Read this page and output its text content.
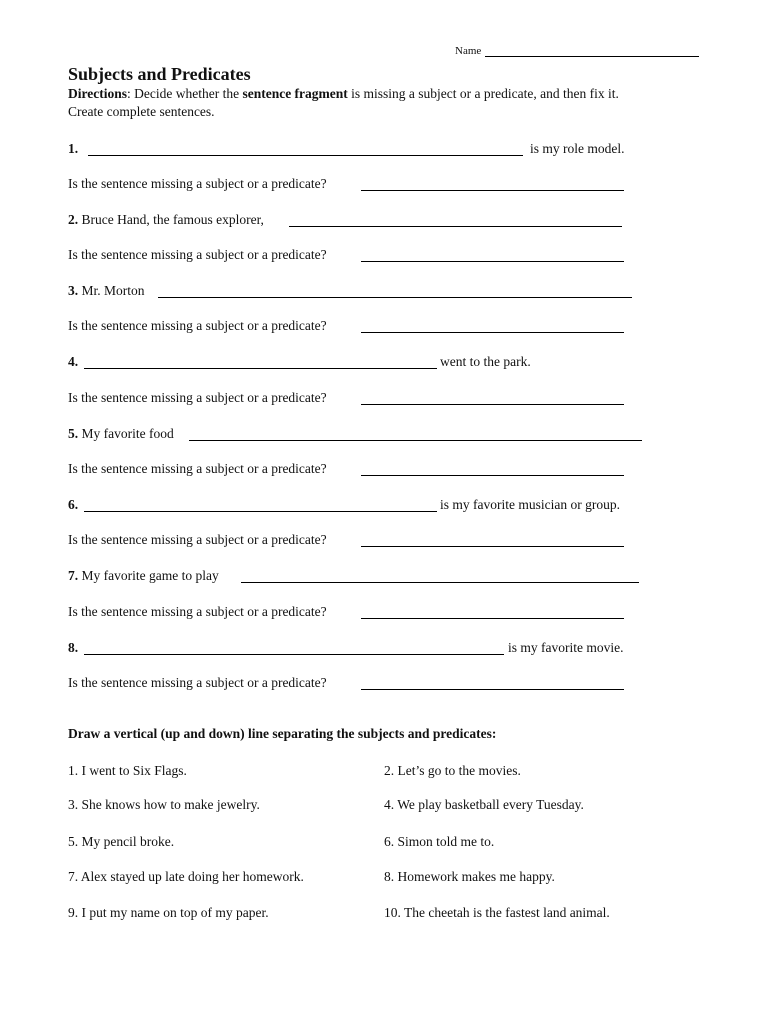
Name
Subjects and Predicates
Directions: Decide whether the sentence fragment is missing a subject or a predicate, and then fix it.
Create complete sentences.
1.	is my role model.
Is the sentence missing a subject or a predicate?
2. Bruce Hand, the famous explorer,
Is the sentence missing a subject or a predicate?
3. Mr. Morton
Is the sentence missing a subject or a predicate?
4.	went to the park.
Is the sentence missing a subject or a predicate?
5. My favorite food
Is the sentence missing a subject or a predicate?
6.	is my favorite musician or group.
Is the sentence missing a subject or a predicate?
7. My favorite game to play
Is the sentence missing a subject or a predicate?
8.	is my favorite movie.
Is the sentence missing a subject or a predicate?
Draw a vertical (up and down) line separating the subjects and predicates:
1. I went to Six Flags.	2. Let’s go to the movies.
3. She knows how to make jewelry.	4. We play basketball every Tuesday.
5. My pencil broke.	6. Simon told me to.
7. Alex stayed up late doing her homework.	8. Homework makes me happy.
9. I put my name on top of my paper.	10. The cheetah is the fastest land animal.
